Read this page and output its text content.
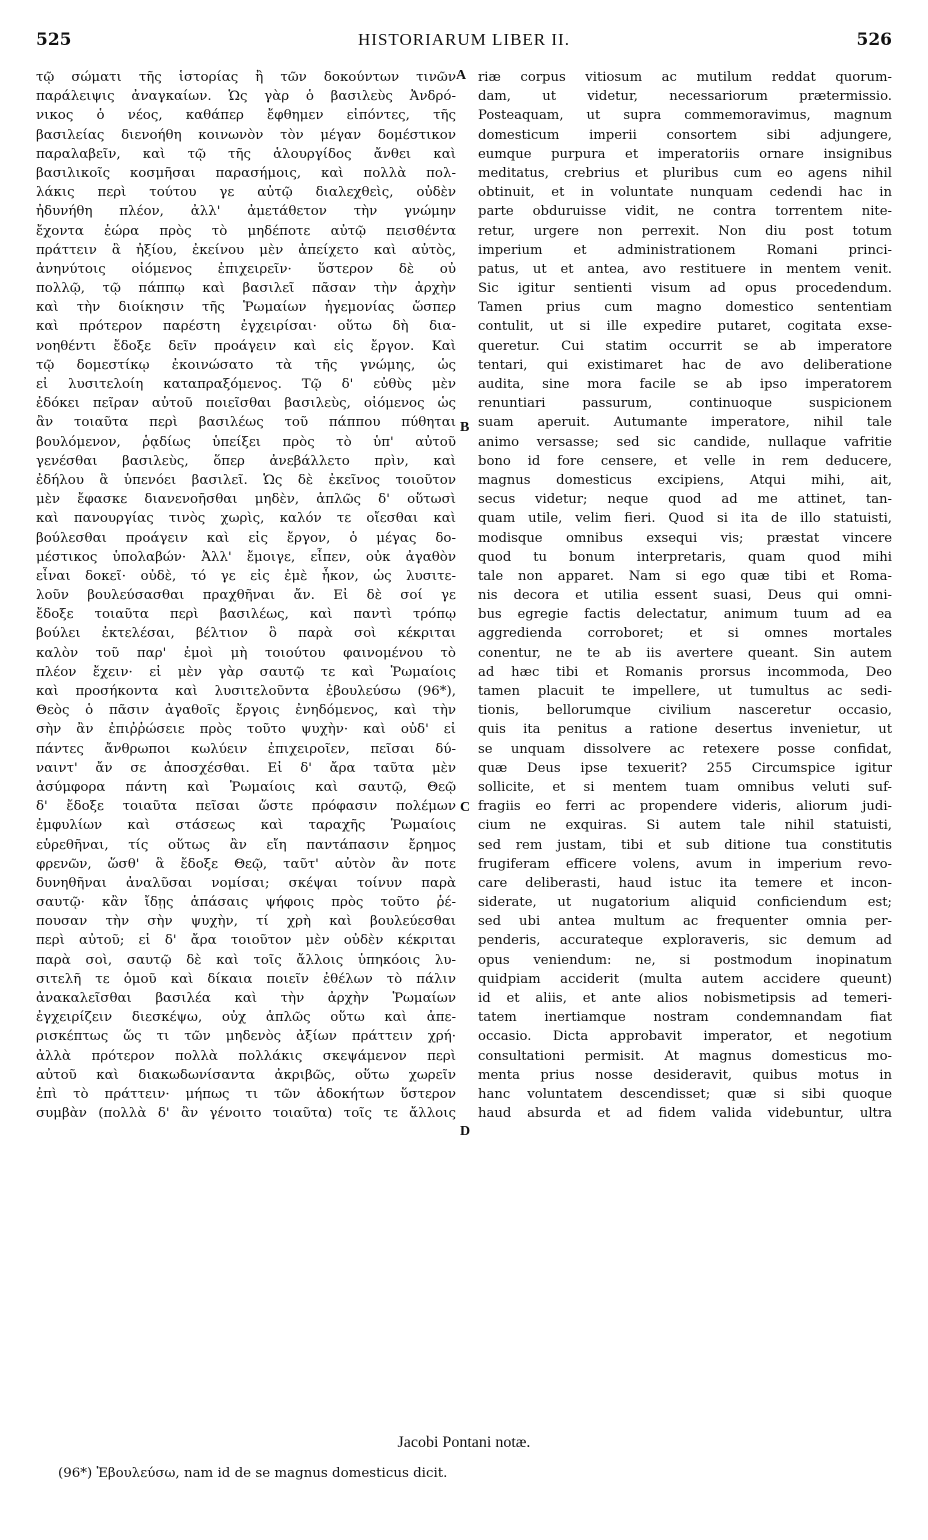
525	HISTORIARUM LIBER II.	526
τῷ σώματι τῆς ἱστορίας ἢ τῶν δοκούντων τινῶν
παράλειψις ἀναγκαίων. Ὡς γὰρ ὁ βασιλεὺς Ἀνδρό-
νικος ὁ νέος, καθάπερ ἔφθημεν εἰπόντες, τῆς
βασιλείας διενοήθη κοινωνὸν τὸν μέγαν δομέστικον
παραλαβεῖν, καὶ τῷ τῆς ἁλουργίδος ἄνθει καὶ
βασιλικοῖς κοσμῆσαι παρασήμοις, καὶ πολλὰ πολ-
λάκις περὶ τούτου γε αὐτῷ διαλεχθεὶς, οὐδὲν
ἠδυνήθη πλέον, ἀλλ' ἀμετάθετον τὴν γνώμην
ἔχοντα ἑώρα πρὸς τὸ μηδέποτε αὐτῷ πεισθέντα
πράττειν ἃ ἠξίου, ἐκείνου μὲν ἀπείχετο καὶ αὐτὸς,
ἀνηνύτοις οἰόμενος ἐπιχειρεῖν· ὕστερον δὲ οὐ
πολλῷ, τῷ πάππῳ καὶ βασιλεῖ πᾶσαν τὴν ἀρχὴν
καὶ τὴν διοίκησιν τῆς Ῥωμαίων ἡγεμονίας ὥσπερ
καὶ πρότερον παρέστη ἐγχειρίσαι· οὕτω δὴ δια-
νοηθέντι ἔδοξε δεῖν προάγειν καὶ εἰς ἔργον. Καὶ
τῷ δομεστίκῳ ἐκοινώσατο τὰ τῆς γνώμης, ὡς
εἰ λυσιτελοίη καταπραξόμενος. Τῷ δ' εὐθὺς μὲν
ἐδόκει πεῖραν αὐτοῦ ποιεῖσθαι βασιλεὺς, οἰόμενος ὡς
ἂν τοιαῦτα περὶ βασιλέως τοῦ πάππου πύθηται
βουλόμενον, ῥᾳδίως ὑπείξει πρὸς τὸ ὑπ' αὐτοῦ
γενέσθαι βασιλεὺς, ὅπερ ἀνεβάλλετο πρὶν, καὶ
ἐδήλου ἃ ὑπενόει βασιλεῖ. Ὡς δὲ ἐκεῖνος τοιοῦτον
μὲν ἔφασκε διανενοῆσθαι μηδὲν, ἁπλῶς δ' οὕτωσὶ
καὶ πανουργίας τινὸς χωρὶς, καλόν τε οἴεσθαι καὶ
βούλεσθαι προάγειν καὶ εἰς ἔργον, ὁ μέγας δο-
μέστικος ὑπολαβών· Ἀλλ' ἔμοιγε, εἶπεν, οὐκ ἀγαθὸν
εἶναι δοκεῖ· οὐδὲ, τό γε εἰς ἐμὲ ἧκον, ὡς λυσιτε-
λοῦν βουλεύσασθαι πραχθῆναι ἄν. Εἰ δὲ σοί γε
ἔδοξε τοιαῦτα περὶ βασιλέως, καὶ παντὶ τρόπῳ
βούλει ἐκτελέσαι, βέλτιον ὃ παρὰ σοὶ κέκριται
καλὸν τοῦ παρ' ἐμοὶ μὴ τοιούτου φαινομένου τὸ
πλέον ἔχειν· εἰ μὲν γὰρ σαυτῷ τε καὶ Ῥωμαίοις
καὶ προσήκοντα καὶ λυσιτελοῦντα ἐβουλεύσω (96*),
Θεὸς ὁ πᾶσιν ἀγαθοῖς ἔργοις ἐνηδόμενος, καὶ τὴν
σὴν ἂν ἐπιῤῥώσειε πρὸς τοῦτο ψυχὴν· καὶ οὐδ' εἰ
πάντες ἄνθρωποι κωλύειν ἐπιχειροῖεν, πεῖσαι δύ-
ναιντ' ἄν σε ἀποσχέσθαι. Εἰ δ' ἄρα ταῦτα μὲν
ἀσύμφορα πάντη καὶ Ῥωμαίοις καὶ σαυτῷ, Θεῷ
δ' ἔδοξε τοιαῦτα πεῖσαι ὥστε πρόφασιν πολέμων
ἐμφυλίων καὶ στάσεως καὶ ταραχῆς Ῥωμαίοις
εὑρεθῆναι, τίς οὕτως ἂν εἴη παντάπασιν ἔρημος
φρενῶν, ὥσθ' ἃ ἔδοξε Θεῷ, ταῦτ' αὐτὸν ἂν ποτε
δυνηθῆναι ἀναλῦσαι νομίσαι; σκέψαι τοίνυν παρὰ
σαυτῷ· κἂν ἴδῃς ἁπάσαις ψήφοις πρὸς τοῦτο ῥέ-
πουσαν τὴν σὴν ψυχὴν, τί χρὴ καὶ βουλεύεσθαι
περὶ αὐτοῦ; εἰ δ' ἄρα τοιοῦτον μὲν οὐδὲν κέκριται
παρὰ σοὶ, σαυτῷ δὲ καὶ τοῖς ἄλλοις ὑπηκόοις λυ-
σιτελῆ τε ὁμοῦ καὶ δίκαια ποιεῖν ἐθέλων τὸ πάλιν
ἀνακαλεῖσθαι βασιλέα καὶ τὴν ἀρχὴν Ῥωμαίων
ἐγχειρίζειν διεσκέψω, οὐχ ἁπλῶς οὕτω καὶ ἀπε-
ρισκέπτως ὥς τι τῶν μηδενὸς ἀξίων πράττειν χρή·
ἀλλὰ πρότερον πολλὰ πολλάκις σκεψάμενον περὶ
αὐτοῦ καὶ διακωδωνίσαντα ἀκριβῶς, οὕτω χωρεῖν
ἐπὶ τὸ πράττειν· μήπως τι τῶν ἀδοκήτων ὕστερον
συμβὰν (πολλὰ δ' ἂν γένοιτο τοιαῦτα) τοῖς τε ἄλλοις
riæ corpus vitiosum ac mutilum reddat quorum-
dam, ut videtur, necessariorum prætermissio.
Posteaquam, ut supra commemoravimus, magnum
domesticum imperii consortem sibi adjungere,
eumque purpura et imperatoriis ornare insignibus
meditatus, crebrius et pluribus cum eo agens nihil
obtinuit, et in voluntate nunquam cedendi hac in
parte obduruisse vidit, ne contra torrentem nite-
retur, urgere non perrexit. Non diu post totum
imperium et administrationem Romani princi-
patus, ut et antea, avo restituere in mentem venit.
Sic igitur sentienti visum ad opus procedendum.
Tamen prius cum magno domestico sententiam
contulit, ut si ille expedire putaret, cogitata exse-
queretur. Cui statim occurrit se ab imperatore
tentari, qui existimaret hac de avo deliberatione
audita, sine mora facile se ab ipso imperatorem
renuntiari passurum, continuoque suspicionem
suam aperuit. Autumante imperatore, nihil tale
animo versasse; sed sic candide, nullaque vafritie
bono id fore censere, et velle in rem deducere,
magnus domesticus excipiens, Atqui mihi, ait,
secus videtur; neque quod ad me attinet, tan-
quam utile, velim fieri. Quod si ita de illo statuisti,
modisque omnibus exsequi vis; præstat vincere
quod tu bonum interpretaris, quam quod mihi
tale non apparet. Nam si ego quæ tibi et Roma-
nis decora et utilia essent suasi, Deus qui omni-
bus egregie factis delectatur, animum tuum ad ea
aggredienda corroboret; et si omnes mortales
conentur, ne te ab iis avertere queant. Sin autem
ad hæc tibi et Romanis prorsus incommoda, Deo
tamen placuit te impellere, ut tumultus ac sedi-
tionis, bellorumque civilium nasceretur occasio,
quis ita penitus a ratione desertus invenietur, ut
se unquam dissolvere ac retexere posse confidat,
quæ Deus ipse texuerit? 255 Circumspice igitur
sollicite, et si mentem tuam omnibus veluti suf-
fragiis eo ferri ac propendere videris, aliorum judi-
cium ne exquiras. Si autem tale nihil statuisti,
sed rem justam, tibi et sub ditione tua constitutis
frugiferam efficere volens, avum in imperium revo-
care deliberasti, haud istuc ita temere et incon-
siderate, ut nugatorium aliquid conficiendum est;
sed ubi antea multum ac frequenter omnia per-
penderis, accurateque exploraveris, sic demum ad
opus veniendum: ne, si postmodum inopinatum
quidpiam acciderit (multa autem accidere queunt)
id et aliis, et ante alios nobismetipsis ad temeri-
tatem inertiamque nostram condemnandam fiat
occasio. Dicta approbavit imperator, et negotium
consultationi permisit. At magnus domesticus mo-
menta prius nosse desideravit, quibus motus in
hanc voluntatem descendisset; quæ si sibi quoque
haud absurda et ad fidem valida videbuntur, ultra
A
B
C
D
Jacobi Pontani notæ.
(96*) Ἐβουλεύσω, nam id de se magnus domesticus dicit.
